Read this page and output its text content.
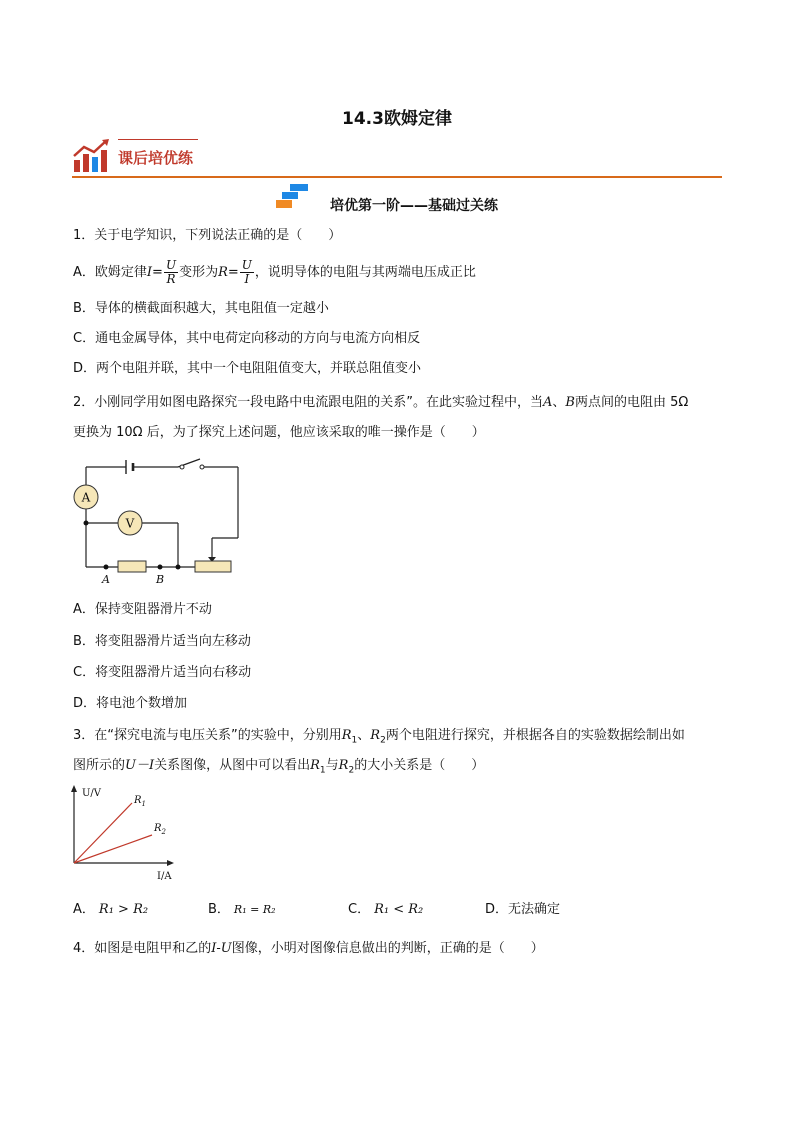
14.3欧姆定律
课后培优练
培优第一阶——基础过关练
1．关于电学知识，下列说法正确的是（　　）
A．欧姆定律$I= \frac{U}{R}$ 变形为$R= \frac{U}{I}$ ，说明导体的电阻与其两端电压成正比
B．导体的横截面积越大，其电阻值一定越小
C．通电金属导体，其中电荷定向移动的方向与电流方向相反
D．两个电阻并联，其中一个电阻阻值变大，并联总阻值变小
2．小刚同学用如图电路探究一段电路中电流跟电阻的关系”。在此实验过程中，当A、B两点间的电阻由 5Ω
更换为 10Ω 后，为了探究上述问题，他应该采取的唯一操作是（　　）
A
V
A	B
A．保持变阻器滑片不动
B．将变阻器滑片适当向左移动
C．将变阻器滑片适当向右移动
D．将电池个数增加
3．在“探究电流与电压关系”的实验中，分别用$R_1$、$R_2$两个电阻进行探究，并根据各自的实验数据绘制出如
图所示的U－I关系图像，从图中可以看出$R_1$与$R_2$的大小关系是（　　）
U/V
I/A
$R_1$
$R_2$
A． R₁ > R₂	B． R₁ = R₂	C． R₁ < R₂	D．无法确定
4．如图是电阻甲和乙的I-U图像，小明对图像信息做出的判断，正确的是（　　）
